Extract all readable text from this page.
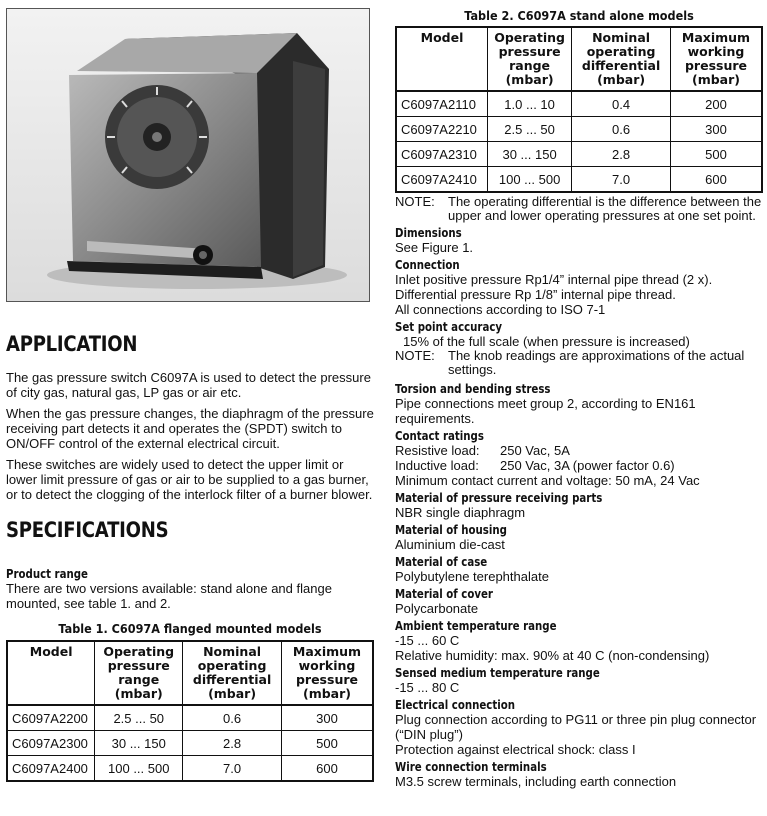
APPLICATION

The gas pressure switch C6097A is used to detect the pressure of city gas, natural gas, LP gas or air etc.

When the gas pressure changes, the diaphragm of the pressure receiving part detects it and operates the (SPDT) switch to ON/OFF control of the external electrical circuit.

These switches are widely used to detect the upper limit or lower limit pressure of gas or air to be supplied to a gas burner, or to detect the clogging of the interlock filter of a burner blower.

SPECIFICATIONS
Product range
There are two versions available: stand alone and flange mounted, see table 1. and 2.
Table 1. C6097A flanged mounted models
Model	Operating pressure range (mbar)	Nominal operating differential (mbar)	Maximum working pressure (mbar)
C6097A2200	2.5 ... 50	0.6	300
C6097A2300	30 ... 150	2.8	500
C6097A2400	100 ... 500	7.0	600
Table 2. C6097A stand alone models
Model	Operating pressure range (mbar)	Nominal operating differential (mbar)	Maximum working pressure (mbar)
C6097A2110	1.0 ... 10	0.4	200
C6097A2210	2.5 ... 50	0.6	300
C6097A2310	30 ... 150	2.8	500
C6097A2410	100 ... 500	7.0	600
NOTE:	The operating differential is the difference between the upper and lower operating pressures at one set point.
Dimensions
See Figure 1.
Connection
Inlet positive pressure Rp1/4” internal pipe thread (2 x).
Differential pressure Rp 1/8” internal pipe thread.
All connections according to ISO 7-1
Set point accuracy
15% of the full scale (when pressure is increased)
NOTE:	The knob readings are approximations of the actual settings.
Torsion and bending stress
Pipe connections meet group 2, according to EN161 requirements.
Contact ratings
Resistive load:	250 Vac, 5A
Inductive load:	250 Vac, 3A (power factor 0.6)
Minimum contact current and voltage: 50 mA, 24 Vac
Material of pressure receiving parts
NBR single diaphragm
Material of housing
Aluminium die-cast
Material of case
Polybutylene terephthalate
Material of cover
Polycarbonate
Ambient temperature range
-15 ... 60 C
Relative humidity: max. 90% at 40 C (non-condensing)
Sensed medium temperature range
-15 ... 80 C
Electrical connection
Plug connection according to PG11 or three pin plug connector (“DIN plug”)
Protection against electrical shock: class I
Wire connection terminals
M3.5 screw terminals, including earth connection
